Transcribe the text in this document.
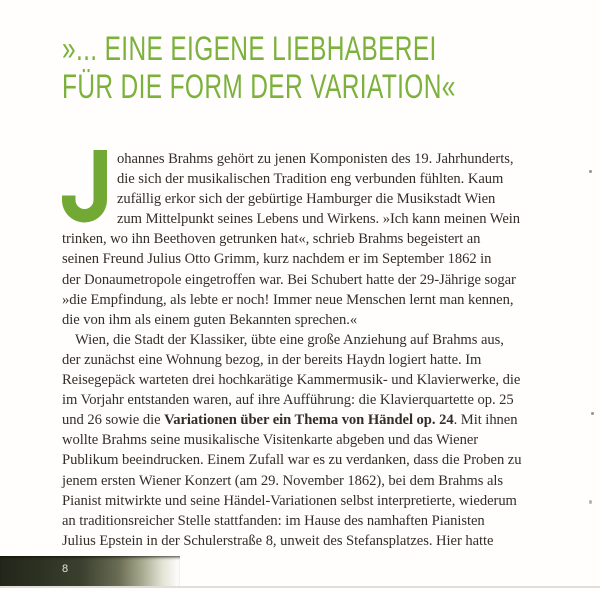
»... EINE EIGENE LIEBHABEREI
FÜR DIE FORM DER VARIATION«
ohannes Brahms gehört zu jenen Komponisten des 19. Jahrhunderts,
die sich der musikalischen Tradition eng verbunden fühlten. Kaum
zufällig erkor sich der gebürtige Hamburger die Musikstadt Wien
zum Mittelpunkt seines Lebens und Wirkens. »Ich kann meinen Wein
trinken, wo ihn Beethoven getrunken hat«, schrieb Brahms begeistert an
seinen Freund Julius Otto Grimm, kurz nachdem er im September 1862 in
der Donaumetropole eingetroffen war. Bei Schubert hatte der 29-Jährige sogar
»die Empfindung, als lebte er noch! Immer neue Menschen lernt man kennen,
die von ihm als einem guten Bekannten sprechen.«
Wien, die Stadt der Klassiker, übte eine große Anziehung auf Brahms aus,
der zunächst eine Wohnung bezog, in der bereits Haydn logiert hatte. Im
Reisegepäck warteten drei hochkarätige Kammermusik- und Klavierwerke, die
im Vorjahr entstanden waren, auf ihre Aufführung: die Klavierquartette op. 25
und 26 sowie die Variationen über ein Thema von Händel op. 24. Mit ihnen
wollte Brahms seine musikalische Visitenkarte abgeben und das Wiener
Publikum beeindrucken. Einem Zufall war es zu verdanken, dass die Proben zu
jenem ersten Wiener Konzert (am 29. November 1862), bei dem Brahms als
Pianist mitwirkte und seine Händel-Variationen selbst interpretierte, wiederum
an traditionsreicher Stelle stattfanden: im Hause des namhaften Pianisten
Julius Epstein in der Schulerstraße 8, unweit des Stefansplatzes. Hier hatte
8
